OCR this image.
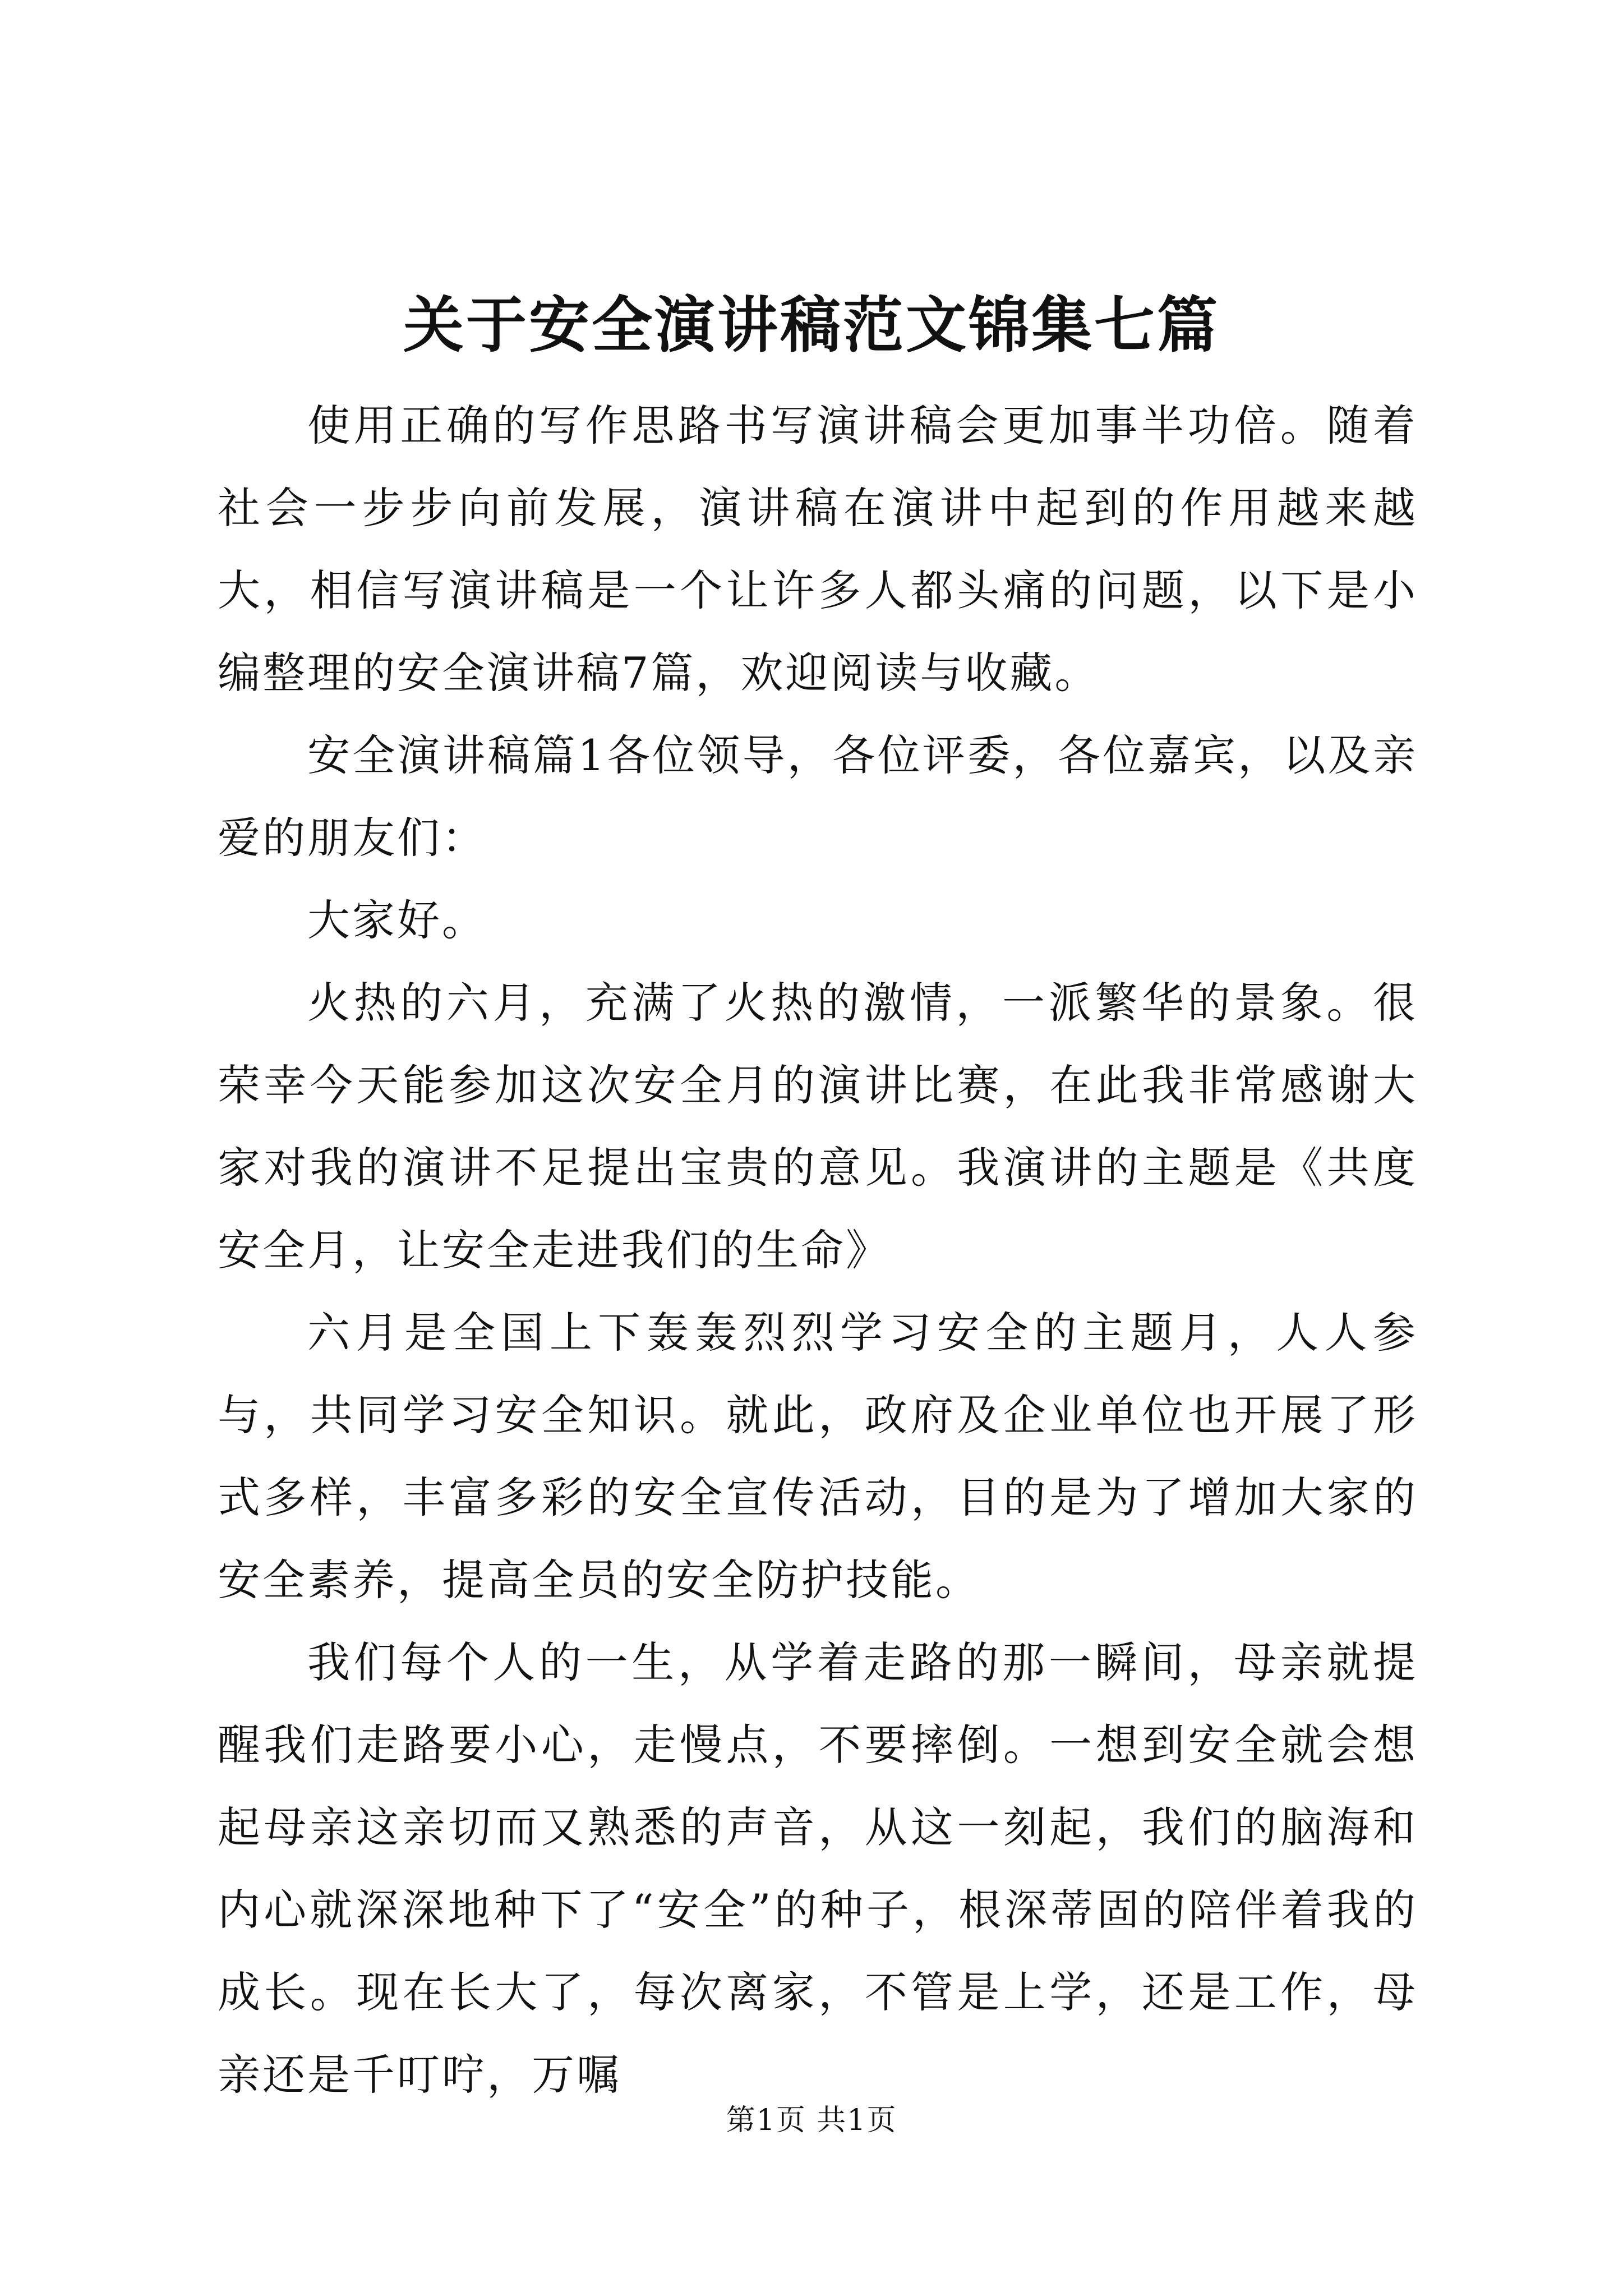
关于安全演讲稿范文锦集七篇

使用正确的写作思路书写演讲稿会更加事半功倍。随着社会一步步向前发展，演讲稿在演讲中起到的作用越来越大，相信写演讲稿是一个让许多人都头痛的问题，以下是小编整理的安全演讲稿7篇，欢迎阅读与收藏。

安全演讲稿篇1各位领导，各位评委，各位嘉宾，以及亲爱的朋友们：

大家好。

火热的六月，充满了火热的激情，一派繁华的景象。很荣幸今天能参加这次安全月的演讲比赛，在此我非常感谢大家对我的演讲不足提出宝贵的意见。我演讲的主题是《共度安全月，让安全走进我们的生命》

六月是全国上下轰轰烈烈学习安全的主题月，人人参与，共同学习安全知识。就此，政府及企业单位也开展了形式多样，丰富多彩的安全宣传活动，目的是为了增加大家的安全素养，提高全员的安全防护技能。

我们每个人的一生，从学着走路的那一瞬间，母亲就提醒我们走路要小心，走慢点，不要摔倒。一想到安全就会想起母亲这亲切而又熟悉的声音，从这一刻起，我们的脑海和内心就深深地种下了“安全”的种子，根深蒂固的陪伴着我的成长。现在长大了，每次离家，不管是上学，还是工作，母亲还是千叮咛，万嘱

第1页 共1页
